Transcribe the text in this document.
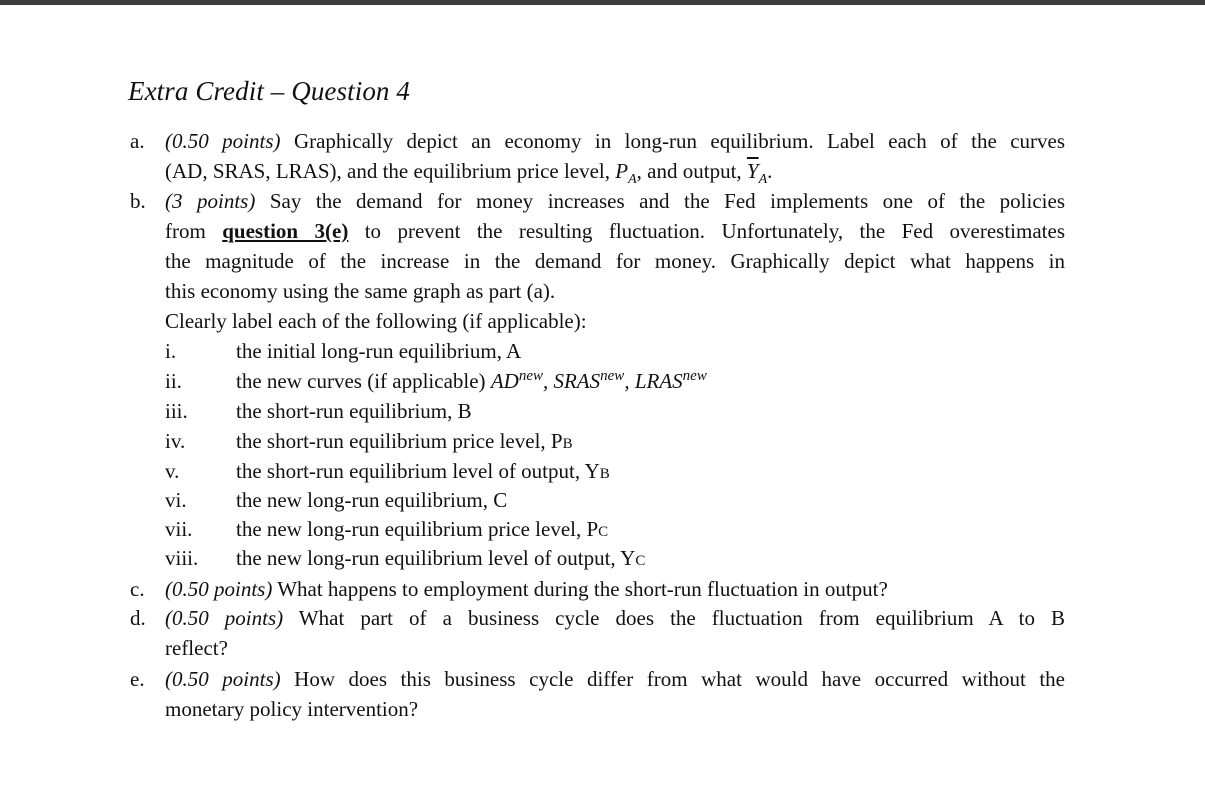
Extra Credit – Question 4
a. (0.50 points) Graphically depict an economy in long-run equilibrium. Label each of the curves
(AD, SRAS, LRAS), and the equilibrium price level, $P_A$, and output, $\overline{Y}_A$.
b. (3 points) Say the demand for money increases and the Fed implements one of the policies
from question 3(e) to prevent the resulting fluctuation. Unfortunately, the Fed overestimates
the magnitude of the increase in the demand for money. Graphically depict what happens in
this economy using the same graph as part (a).
Clearly label each of the following (if applicable):
i.	the initial long-run equilibrium, A
ii.	the new curves (if applicable) $AD^{new}$, $SRAS^{new}$, $LRAS^{new}$
iii. the short-run equilibrium, B
iv. the short-run equilibrium price level, PB
v.	the short-run equilibrium level of output, YB
vi. the new long-run equilibrium, C
vii. the new long-run equilibrium price level, PC
viii. the new long-run equilibrium level of output, YC
c. (0.50 points) What happens to employment during the short-run fluctuation in output?
d. (0.50 points) What part of a business cycle does the fluctuation from equilibrium A to B
reflect?
e. (0.50 points) How does this business cycle differ from what would have occurred without the
monetary policy intervention?
